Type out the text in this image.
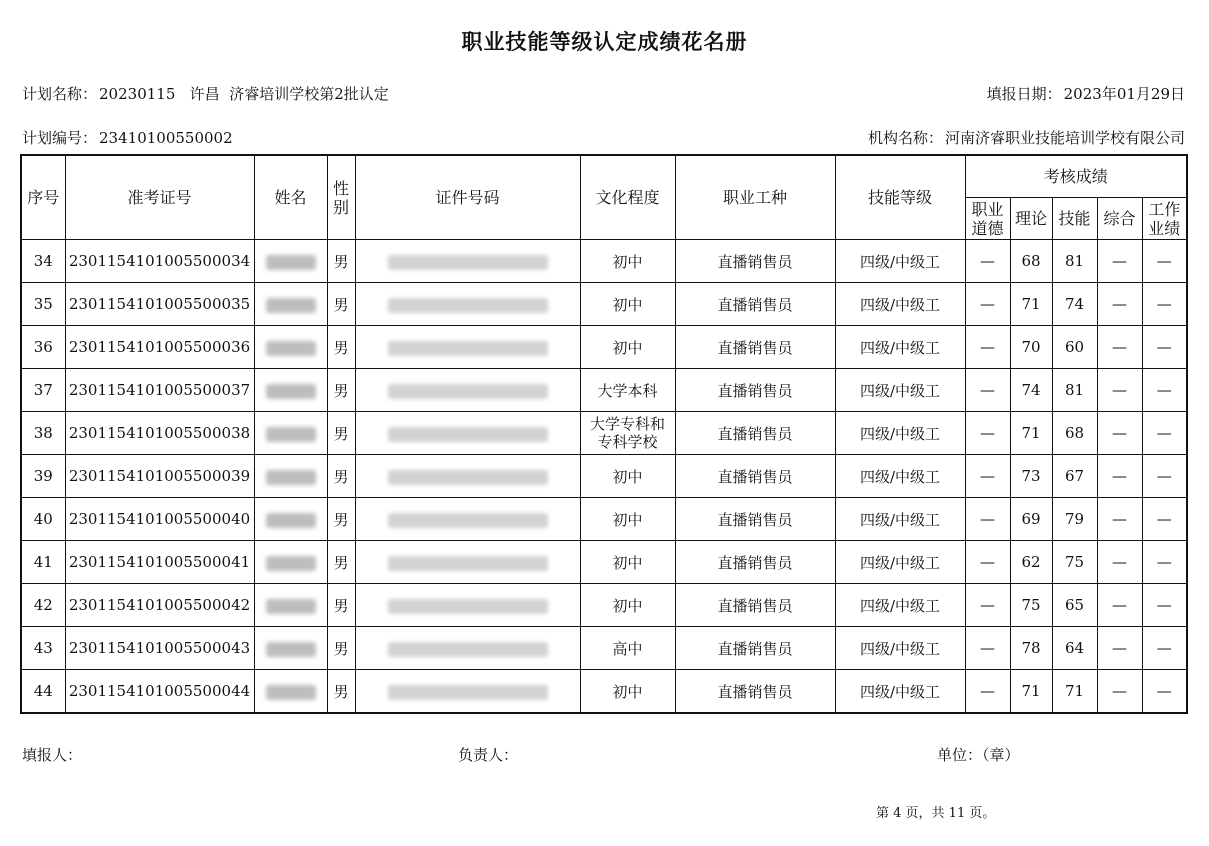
职业技能等级认定成绩花名册
计划名称： 20230115   许昌  济睿培训学校第2批认定	填报日期： 2023年01月29日
计划编号： 23410100550002	机构名称： 河南济睿职业技能培训学校有限公司
序号	准考证号	姓名	性别	证件号码	文化程度	职业工种	技能等级	考核成绩				
								职业道德	理论	技能	综合	工作业绩
34	2301154101005500034		男		初中	直播销售员	四级/中级工	—	68	81	—	—
35	2301154101005500035		男		初中	直播销售员	四级/中级工	—	71	74	—	—
36	2301154101005500036		男		初中	直播销售员	四级/中级工	—	70	60	—	—
37	2301154101005500037		男		大学本科	直播销售员	四级/中级工	—	74	81	—	—
38	2301154101005500038		男		大学专科和专科学校	直播销售员	四级/中级工	—	71	68	—	—
39	2301154101005500039		男		初中	直播销售员	四级/中级工	—	73	67	—	—
40	2301154101005500040		男		初中	直播销售员	四级/中级工	—	69	79	—	—
41	2301154101005500041		男		初中	直播销售员	四级/中级工	—	62	75	—	—
42	2301154101005500042		男		初中	直播销售员	四级/中级工	—	75	65	—	—
43	2301154101005500043		男		高中	直播销售员	四级/中级工	—	78	64	—	—
44	2301154101005500044		男		初中	直播销售员	四级/中级工	—	71	71	—	—
填报人：	负责人：	单位：（章）
第 4 页，共 11 页。
